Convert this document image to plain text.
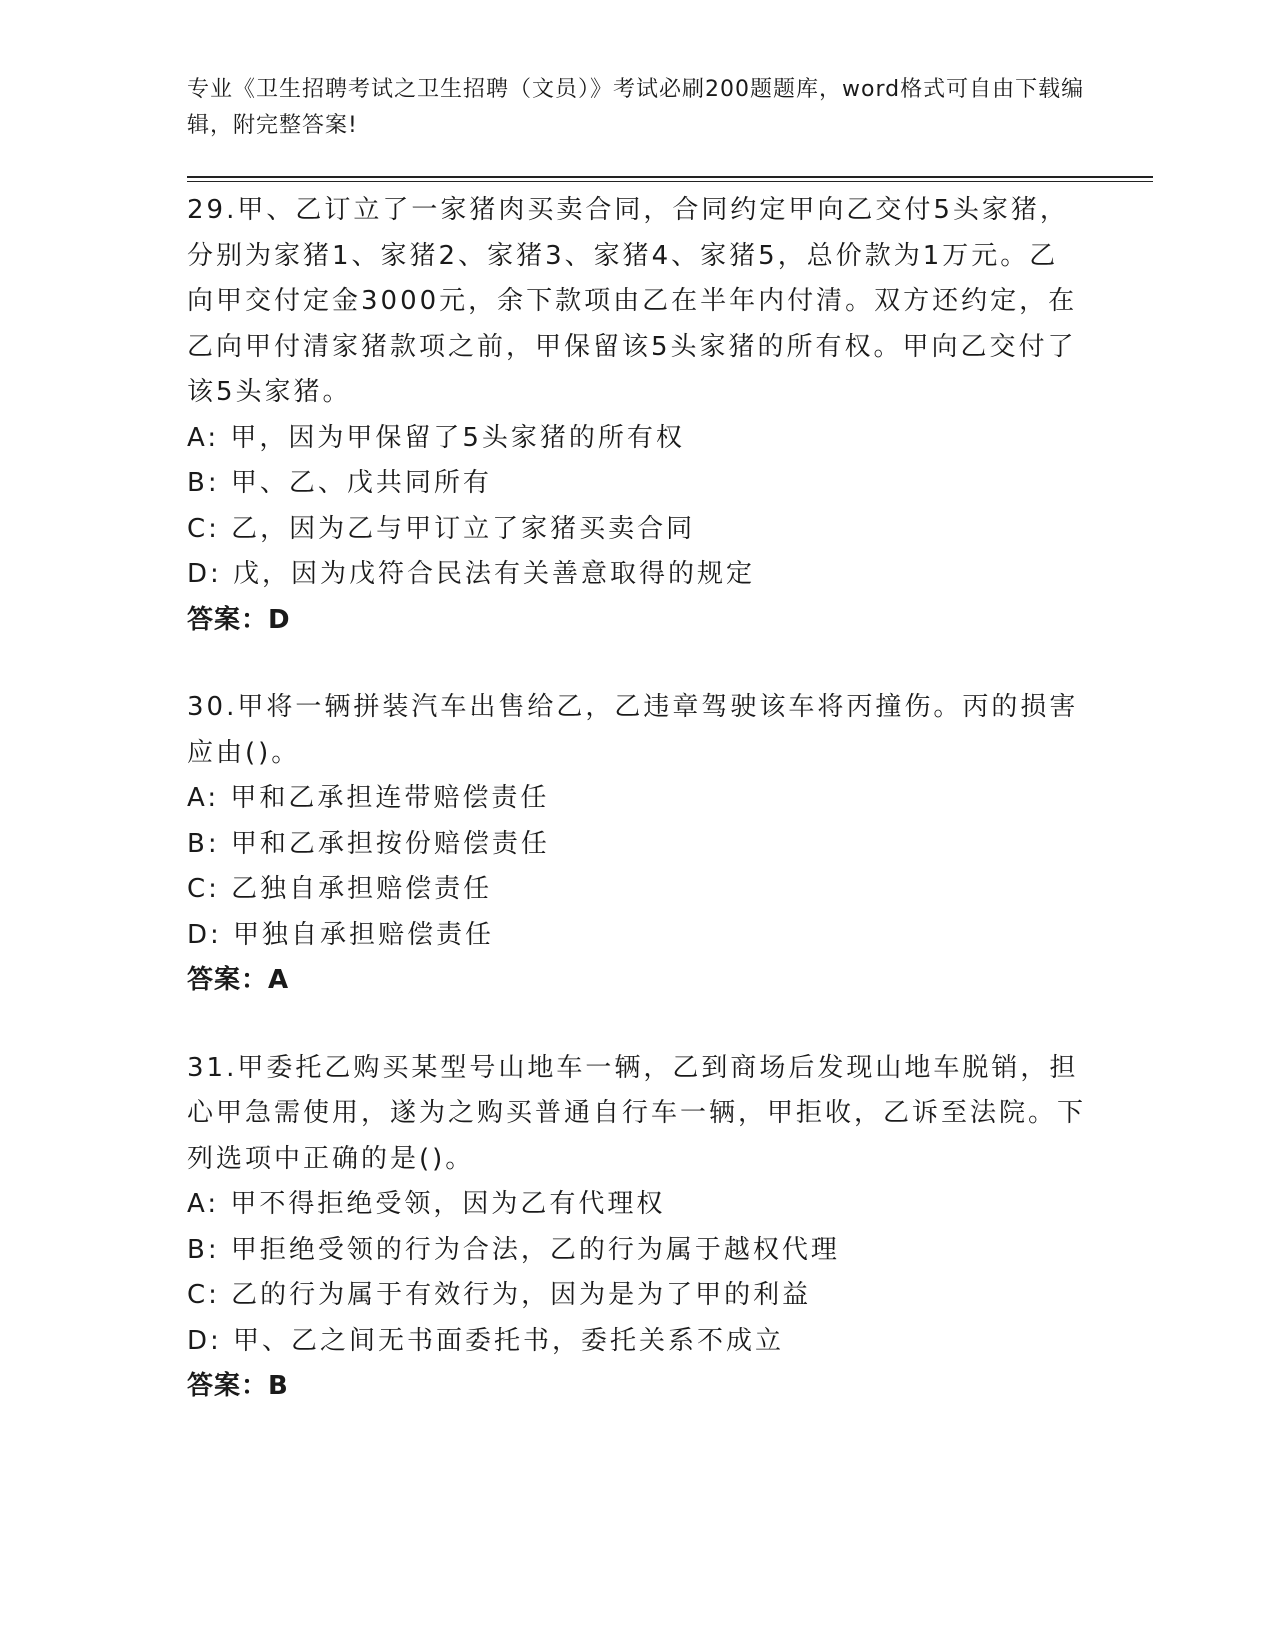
专业《卫生招聘考试之卫生招聘（文员）》考试必刷200题题库，word格式可自由下载编辑，附完整答案!

29.甲、乙订立了一家猪肉买卖合同，合同约定甲向乙交付5头家猪，分别为家猪1、家猪2、家猪3、家猪4、家猪5，总价款为1万元。乙向甲交付定金3000元，余下款项由乙在半年内付清。双方还约定，在乙向甲付清家猪款项之前，甲保留该5头家猪的所有权。甲向乙交付了该5头家猪。

A: 甲，因为甲保留了5头家猪的所有权

B: 甲、乙、戊共同所有

C: 乙，因为乙与甲订立了家猪买卖合同

D: 戊，因为戊符合民法有关善意取得的规定

答案：D

30.甲将一辆拼装汽车出售给乙，乙违章驾驶该车将丙撞伤。丙的损害应由()。

A: 甲和乙承担连带赔偿责任

B: 甲和乙承担按份赔偿责任

C: 乙独自承担赔偿责任

D: 甲独自承担赔偿责任

答案：A

31.甲委托乙购买某型号山地车一辆，乙到商场后发现山地车脱销，担心甲急需使用，遂为之购买普通自行车一辆，甲拒收，乙诉至法院。下列选项中正确的是()。

A: 甲不得拒绝受领，因为乙有代理权

B: 甲拒绝受领的行为合法，乙的行为属于越权代理

C: 乙的行为属于有效行为，因为是为了甲的利益

D: 甲、乙之间无书面委托书，委托关系不成立

答案：B
